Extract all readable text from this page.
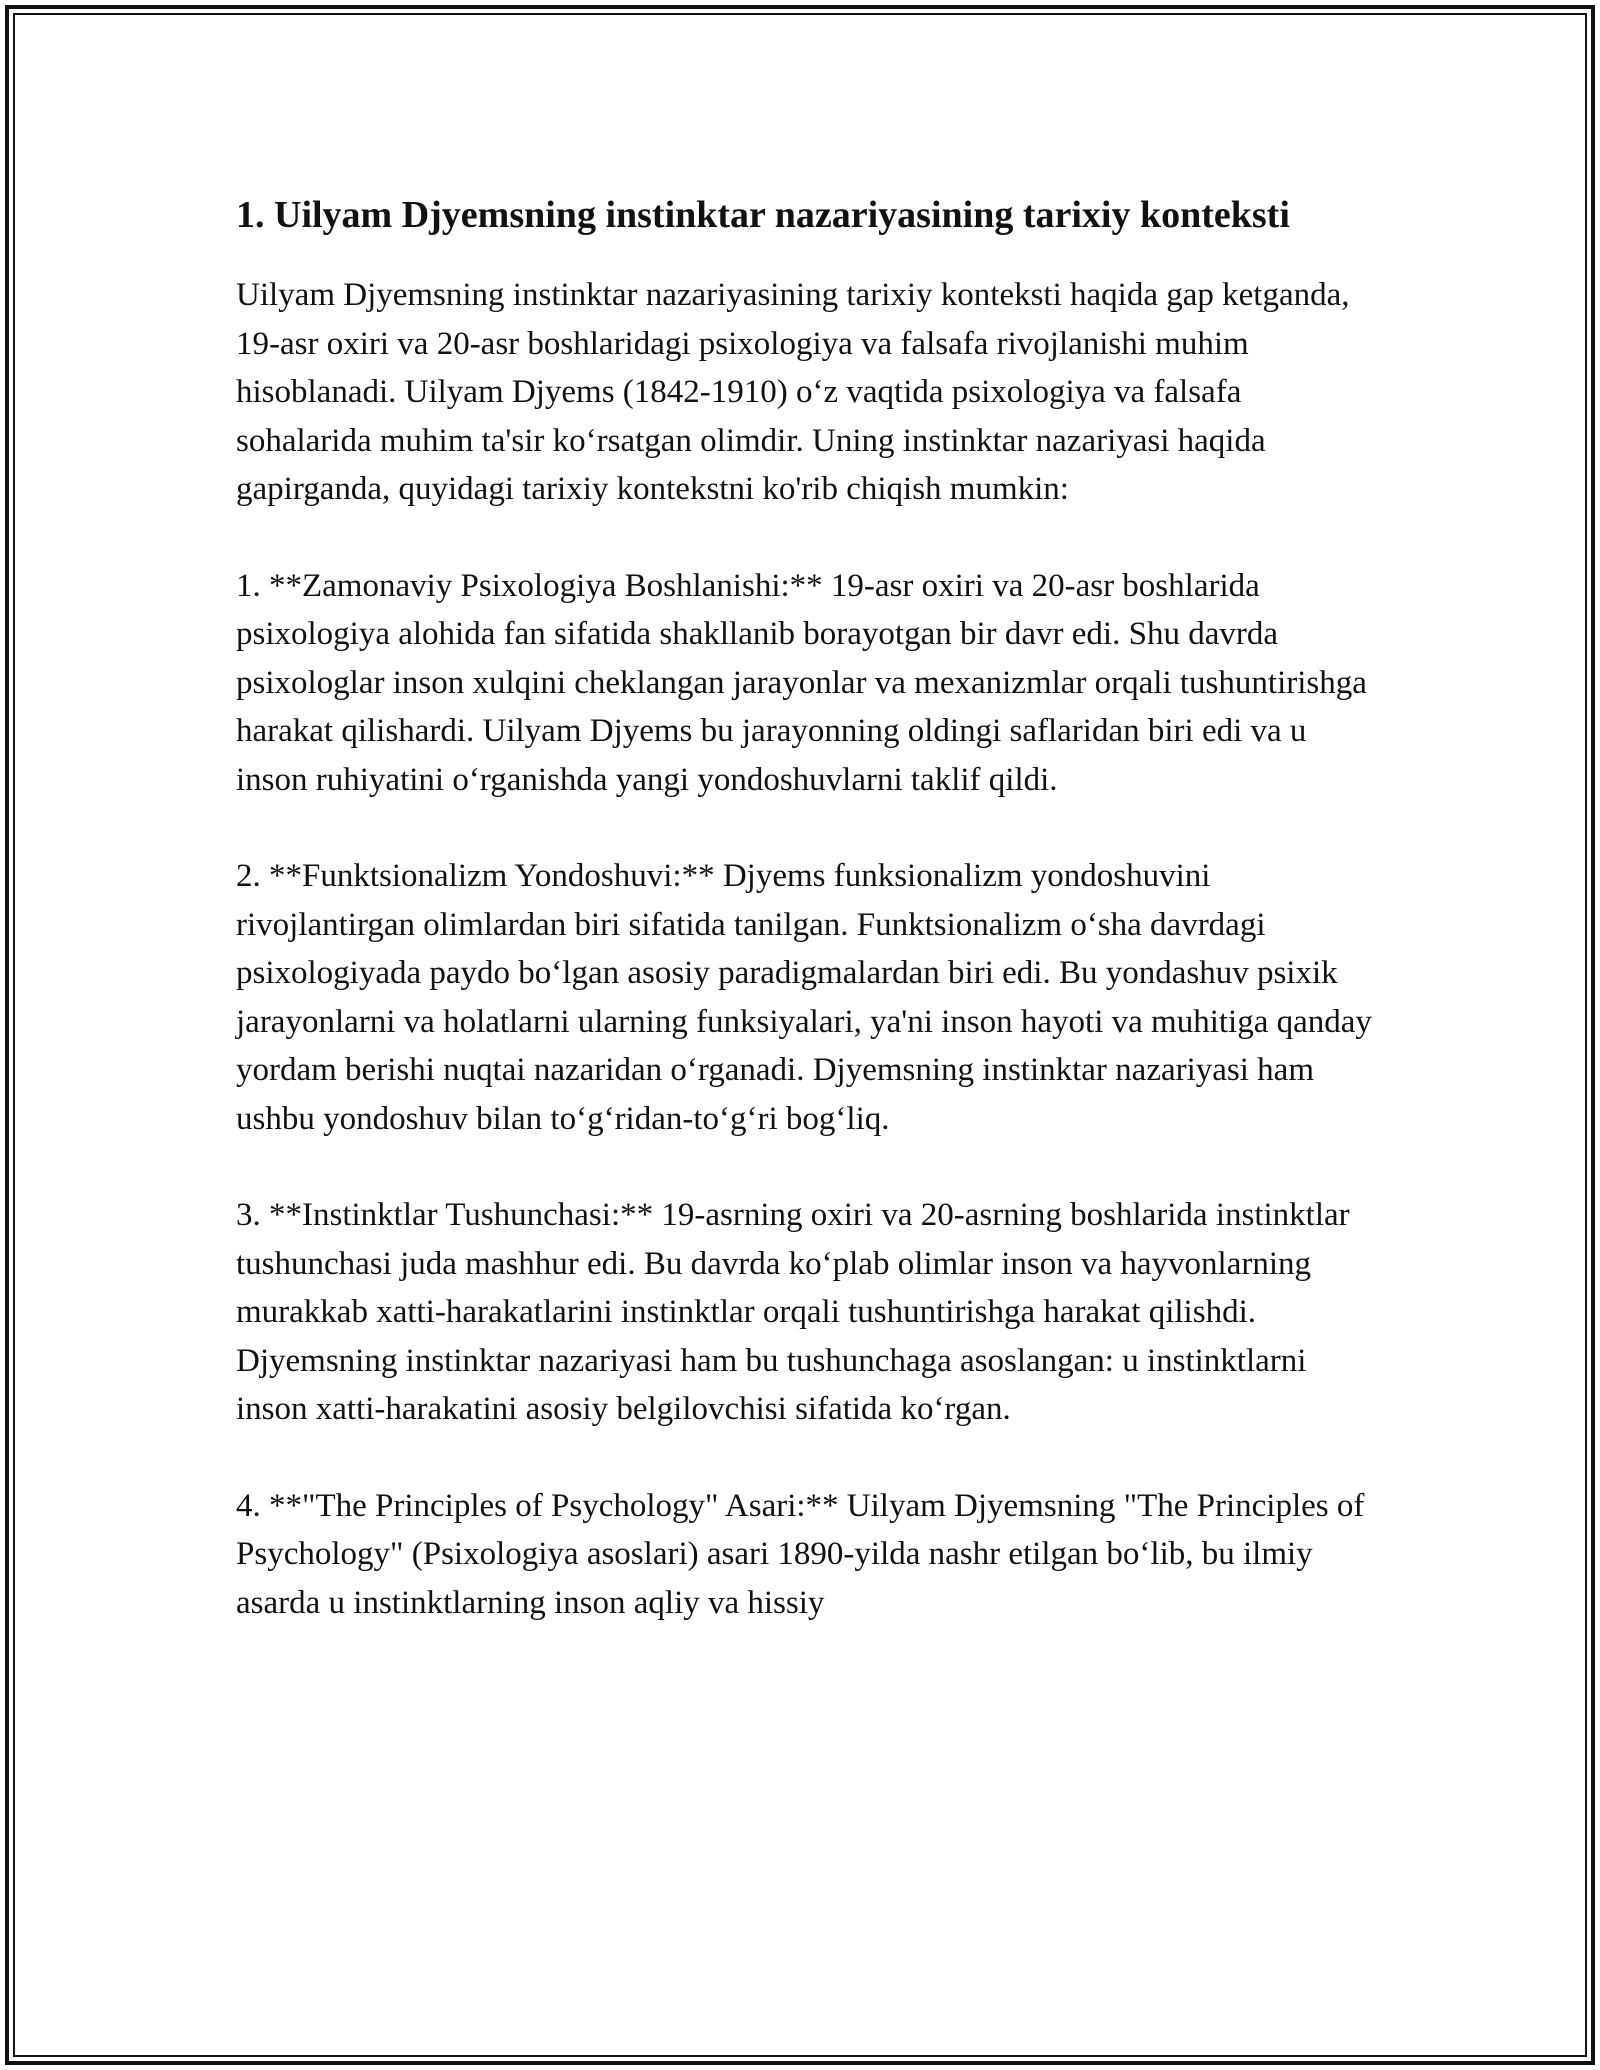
1. Uilyam Djyemsning instinktar nazariyasining tarixiy konteksti

Uilyam Djyemsning instinktar nazariyasining tarixiy konteksti haqida gap ketganda, 19-asr oxiri va 20-asr boshlaridagi psixologiya va falsafa rivojlanishi muhim hisoblanadi. Uilyam Djyems (1842-1910) o‘z vaqtida psixologiya va falsafa sohalarida muhim ta'sir ko‘rsatgan olimdir. Uning instinktar nazariyasi haqida gapirganda, quyidagi tarixiy kontekstni ko'rib chiqish mumkin:

1. **Zamonaviy Psixologiya Boshlanishi:** 19-asr oxiri va 20-asr boshlarida psixologiya alohida fan sifatida shakllanib borayotgan bir davr edi. Shu davrda psixologlar inson xulqini cheklangan jarayonlar va mexanizmlar orqali tushuntirishga harakat qilishardi. Uilyam Djyems bu jarayonning oldingi saflaridan biri edi va u inson ruhiyatini o‘rganishda yangi yondoshuvlarni taklif qildi.

2. **Funktsionalizm Yondoshuvi:** Djyems funksionalizm yondoshuvini rivojlantirgan olimlardan biri sifatida tanilgan. Funktsionalizm o‘sha davrdagi psixologiyada paydo bo‘lgan asosiy paradigmalardan biri edi. Bu yondashuv psixik jarayonlarni va holatlarni ularning funksiyalari, ya'ni inson hayoti va muhitiga qanday yordam berishi nuqtai nazaridan o‘rganadi. Djyemsning instinktar nazariyasi ham ushbu yondoshuv bilan to‘g‘ridan-to‘g‘ri bog‘liq.

3. **Instinktlar Tushunchasi:** 19-asrning oxiri va 20-asrning boshlarida instinktlar tushunchasi juda mashhur edi. Bu davrda ko‘plab olimlar inson va hayvonlarning murakkab xatti-harakatlarini instinktlar orqali tushuntirishga harakat qilishdi. Djyemsning instinktar nazariyasi ham bu tushunchaga asoslangan: u instinktlarni inson xatti-harakatini asosiy belgilovchisi sifatida ko‘rgan.

4. **"The Principles of Psychology" Asari:** Uilyam Djyemsning "The Principles of Psychology" (Psixologiya asoslari) asari 1890-yilda nashr etilgan bo‘lib, bu ilmiy asarda u instinktlarning inson aqliy va hissiy
